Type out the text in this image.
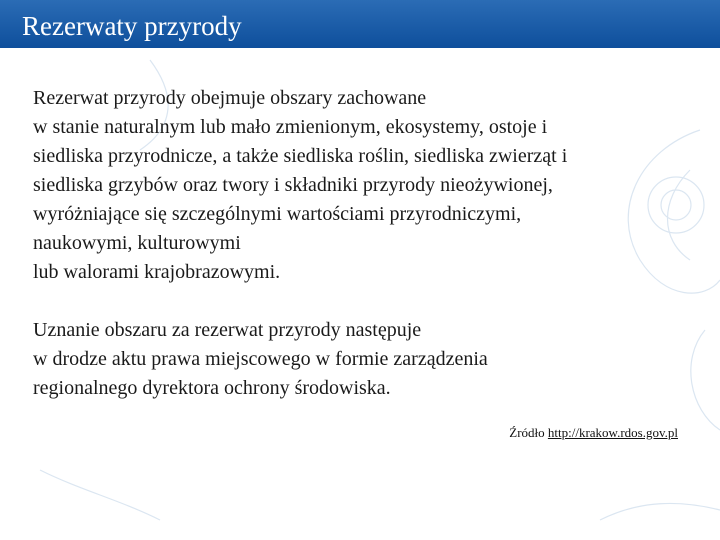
Rezerwaty przyrody

Rezerwat przyrody obejmuje obszary zachowane
w stanie naturalnym lub mało zmienionym, ekosystemy, ostoje i
siedliska przyrodnicze, a także siedliska roślin, siedliska zwierząt i
siedliska grzybów oraz twory i składniki przyrody nieożywionej,
wyróżniające się szczególnymi wartościami przyrodniczymi,
naukowymi, kulturowymi
lub walorami krajobrazowymi.

Uznanie obszaru za rezerwat przyrody następuje
w drodze aktu prawa miejscowego w formie zarządzenia
regionalnego dyrektora ochrony środowiska.

Źródło http://krakow.rdos.gov.pl
